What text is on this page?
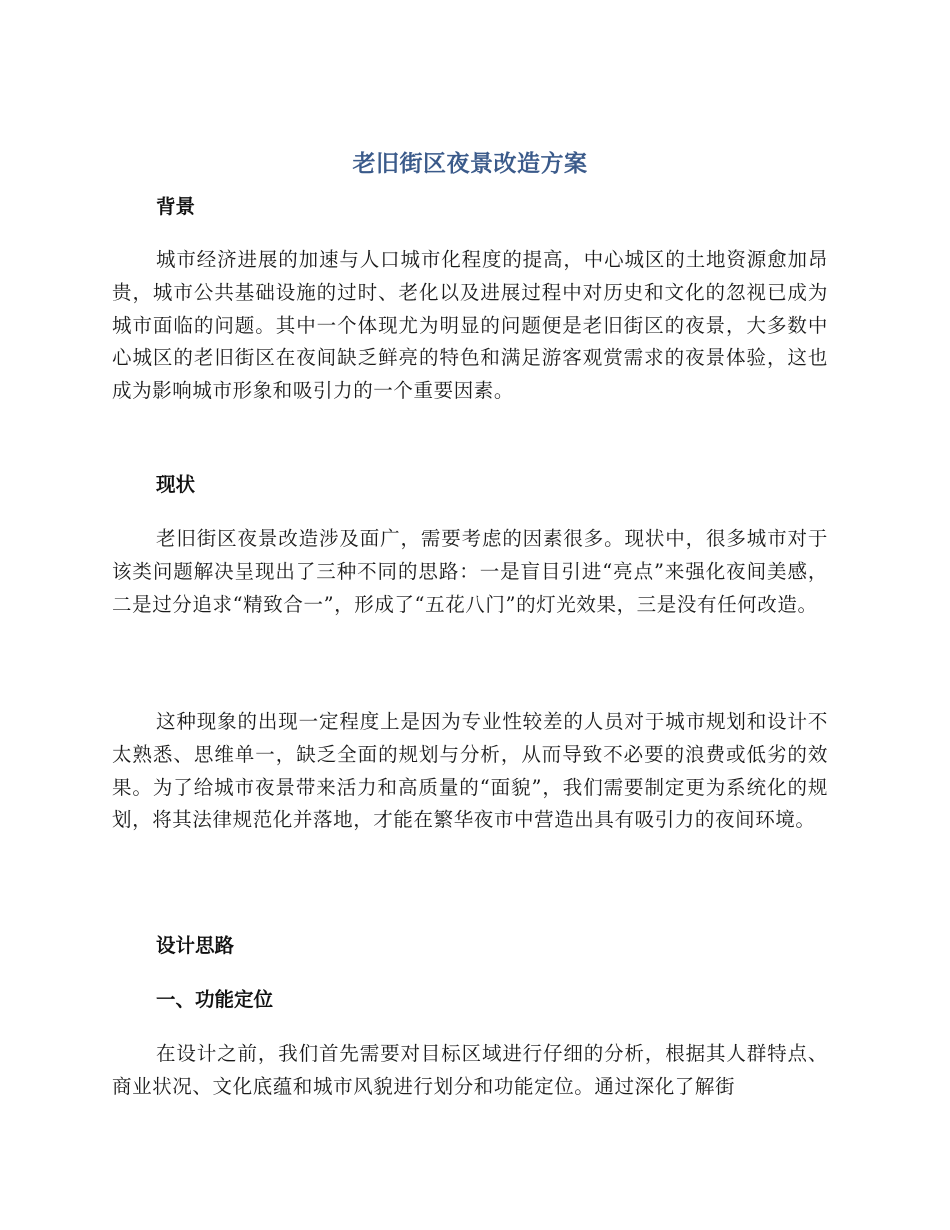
老旧街区夜景改造方案
背景

城市经济进展的加速与人口城市化程度的提高，中心城区的土地资源愈加昂贵，城市公共基础设施的过时、老化以及进展过程中对历史和文化的忽视已成为城市面临的问题。其中一个体现尤为明显的问题便是老旧街区的夜景，大多数中心城区的老旧街区在夜间缺乏鲜亮的特色和满足游客观赏需求的夜景体验，这也成为影响城市形象和吸引力的一个重要因素。

现状

老旧街区夜景改造涉及面广，需要考虑的因素很多。现状中，很多城市对于该类问题解决呈现出了三种不同的思路：一是盲目引进“亮点”来强化夜间美感，二是过分追求“精致合一”，形成了“五花八门”的灯光效果，三是没有任何改造。

这种现象的出现一定程度上是因为专业性较差的人员对于城市规划和设计不太熟悉、思维单一，缺乏全面的规划与分析，从而导致不必要的浪费或低劣的效果。为了给城市夜景带来活力和高质量的“面貌”，我们需要制定更为系统化的规划，将其法律规范化并落地，才能在繁华夜市中营造出具有吸引力的夜间环境。

设计思路
一、功能定位

在设计之前，我们首先需要对目标区域进行仔细的分析，根据其人群特点、商业状况、文化底蕴和城市风貌进行划分和功能定位。通过深化了解街
